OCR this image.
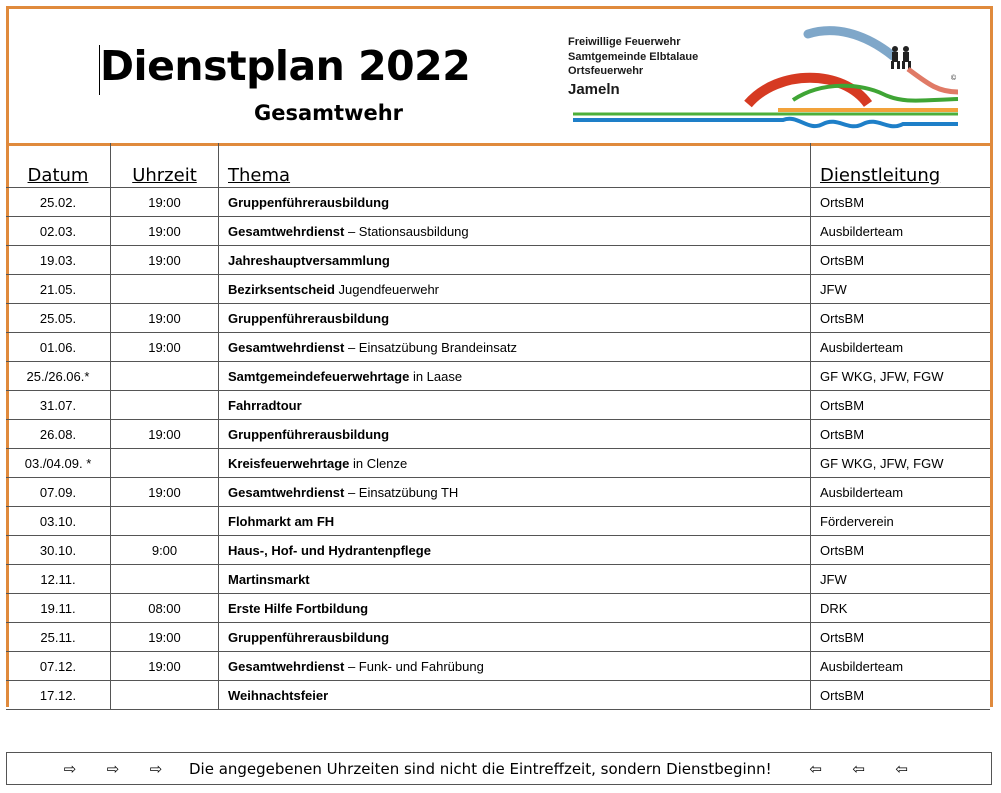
Dienstplan 2022
Gesamtwehr
Freiwillige Feuerwehr
Samtgemeinde Elbtalaue
Ortsfeuerwehr
Jameln
©
Datum	Uhrzeit	Thema	Dienstleitung
25.02.	19:00	Gruppenführerausbildung	OrtsBM
02.03.	19:00	Gesamtwehrdienst – Stationsausbildung	Ausbilderteam
19.03.	19:00	Jahreshauptversammlung	OrtsBM
21.05.		Bezirksentscheid Jugendfeuerwehr	JFW
25.05.	19:00	Gruppenführerausbildung	OrtsBM
01.06.	19:00	Gesamtwehrdienst – Einsatzübung Brandeinsatz	Ausbilderteam
25./26.06.*		Samtgemeindefeuerwehrtage in Laase	GF WKG, JFW, FGW
31.07.		Fahrradtour	OrtsBM
26.08.	19:00	Gruppenführerausbildung	OrtsBM
03./04.09. *		Kreisfeuerwehrtage in Clenze	GF WKG, JFW, FGW
07.09.	19:00	Gesamtwehrdienst – Einsatzübung TH	Ausbilderteam
03.10.		Flohmarkt am FH	Förderverein
30.10.	9:00	Haus-, Hof- und Hydrantenpflege	OrtsBM
12.11.		Martinsmarkt	JFW
19.11.	08:00	Erste Hilfe Fortbildung	DRK
25.11.	19:00	Gruppenführerausbildung	OrtsBM
07.12.	19:00	Gesamtwehrdienst – Funk- und Fahrübung	Ausbilderteam
17.12.		Weihnachtsfeier	OrtsBM
⇨	⇨	⇨	Die angegebenen Uhrzeiten sind nicht die Eintreffzeit, sondern Dienstbeginn!	⇦	⇦	⇦
